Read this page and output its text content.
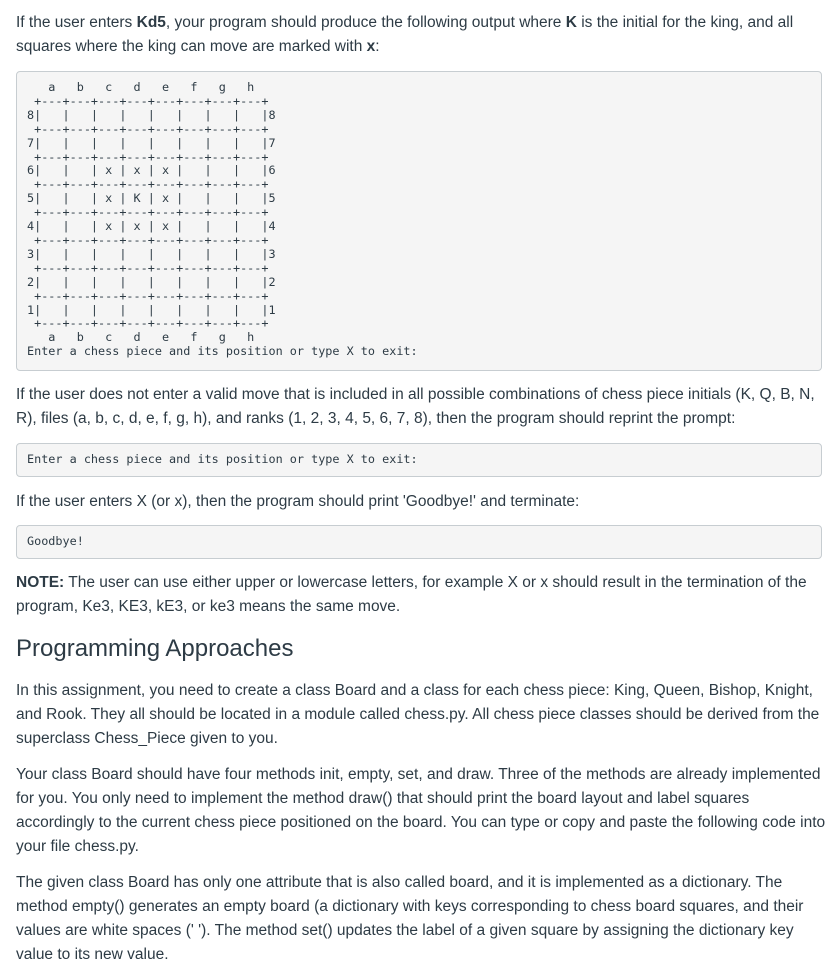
If the user enters Kd5, your program should produce the following output where K is the initial for the king, and all squares where the king can move are marked with x:

a   b   c   d   e   f   g   h
+---+---+---+---+---+---+---+---+
8|   |   |   |   |   |   |   |   |8
+---+---+---+---+---+---+---+---+
7|   |   |   |   |   |   |   |   |7
+---+---+---+---+---+---+---+---+
6|   |   | x | x | x |   |   |   |6
+---+---+---+---+---+---+---+---+
5|   |   | x | K | x |   |   |   |5
+---+---+---+---+---+---+---+---+
4|   |   | x | x | x |   |   |   |4
+---+---+---+---+---+---+---+---+
3|   |   |   |   |   |   |   |   |3
+---+---+---+---+---+---+---+---+
2|   |   |   |   |   |   |   |   |2
+---+---+---+---+---+---+---+---+
1|   |   |   |   |   |   |   |   |1
+---+---+---+---+---+---+---+---+
a   b   c   d   e   f   g   h
Enter a chess piece and its position or type X to exit:

If the user does not enter a valid move that is included in all possible combinations of chess piece initials (K, Q, B, N, R), files (a, b, c, d, e, f, g, h), and ranks (1, 2, 3, 4, 5, 6, 7, 8), then the program should reprint the prompt:

Enter a chess piece and its position or type X to exit:

If the user enters X (or x), then the program should print 'Goodbye!' and terminate:

Goodbye!

NOTE: The user can use either upper or lowercase letters, for example X or x should result in the termination of the program, Ke3, KE3, kE3, or ke3 means the same move.

Programming Approaches

In this assignment, you need to create a class Board and a class for each chess piece: King, Queen, Bishop, Knight, and Rook. They all should be located in a module called chess.py. All chess piece classes should be derived from the superclass Chess_Piece given to you.

Your class Board should have four methods init, empty, set, and draw. Three of the methods are already implemented for you. You only need to implement the method draw() that should print the board layout and label squares accordingly to the current chess piece positioned on the board. You can type or copy and paste the following code into your file chess.py.

The given class Board has only one attribute that is also called board, and it is implemented as a dictionary. The method empty() generates an empty board (a dictionary with keys corresponding to chess board squares, and their values are white spaces (' '). The method set() updates the label of a given square by assigning the dictionary key value to its new value.
